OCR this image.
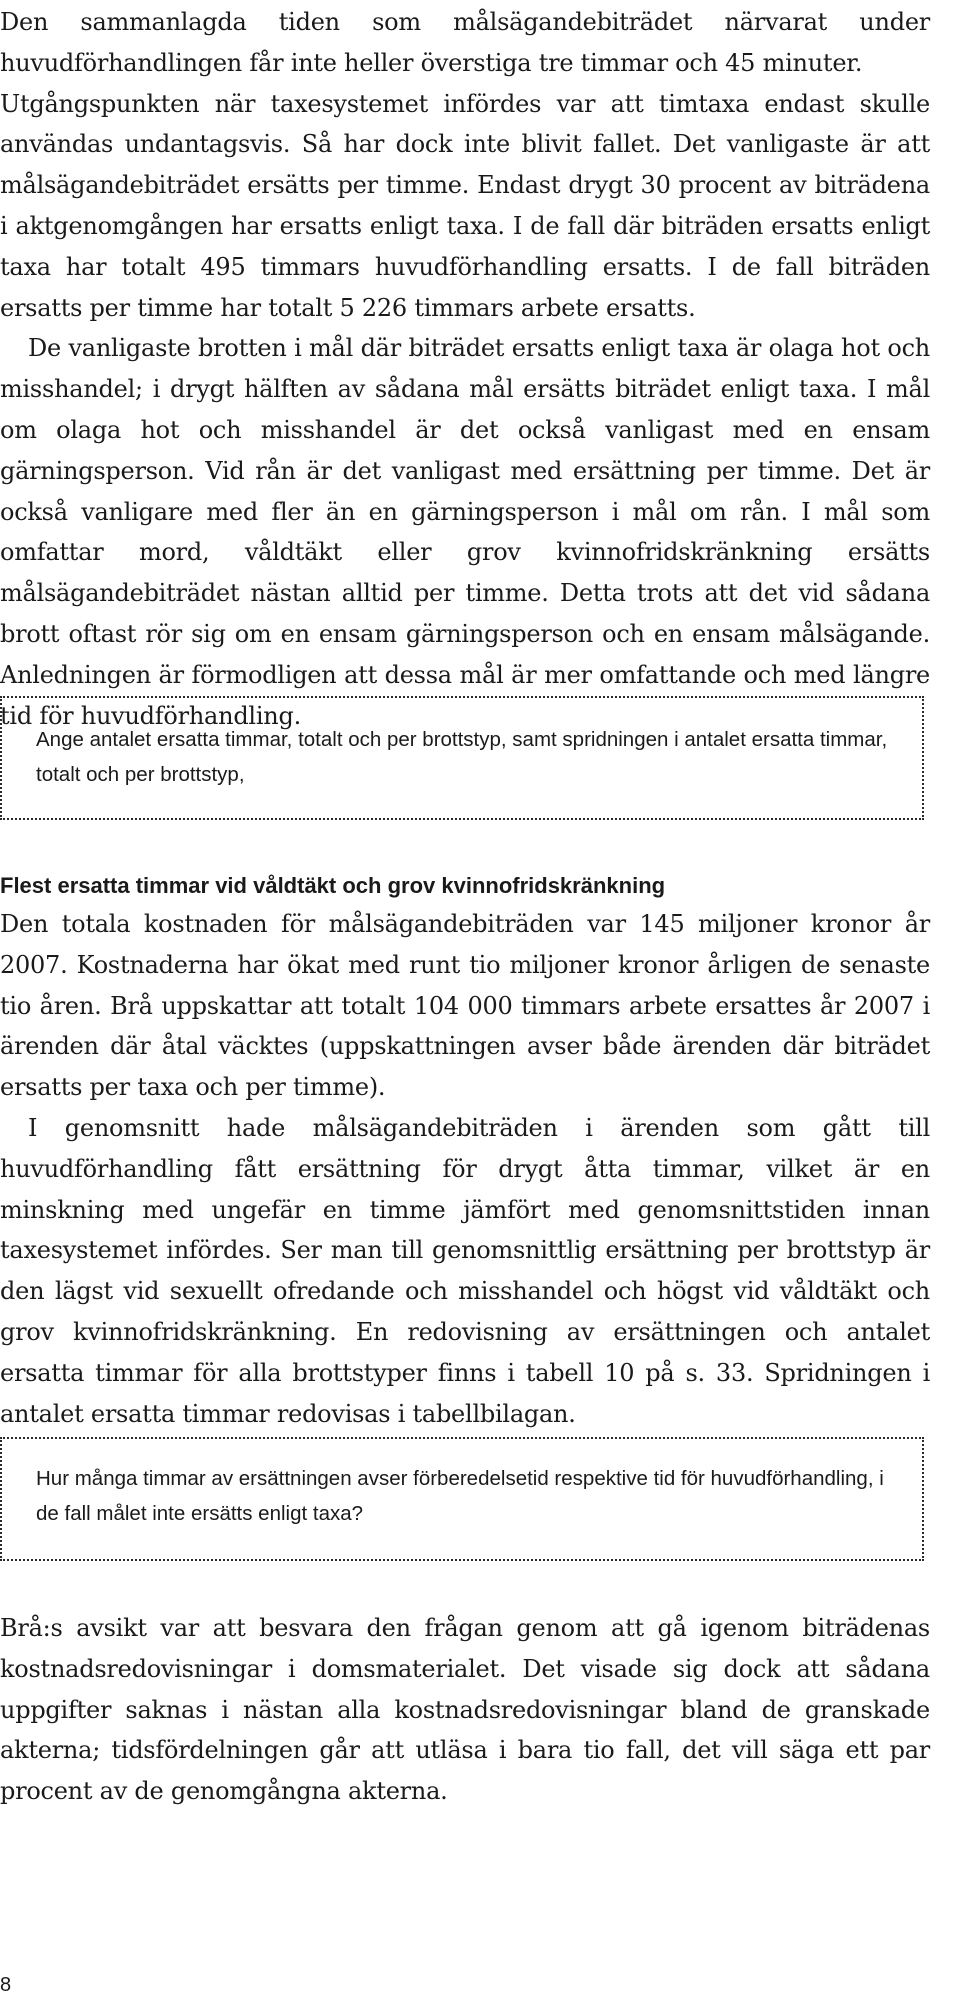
Den sammanlagda tiden som målsägandebiträdet närvarat under huvudförhandlingen får inte heller överstiga tre timmar och 45 minuter.

Utgångspunkten när taxesystemet infördes var att timtaxa endast skulle användas undantagsvis. Så har dock inte blivit fallet. Det vanligaste är att målsägandebiträdet ersätts per timme. Endast drygt 30 procent av biträdena i aktgenomgången har ersatts enligt taxa. I de fall där biträden ersatts enligt taxa har totalt 495 timmars huvudförhandling ersatts. I de fall biträden ersatts per timme har totalt 5 226 timmars arbete ersatts.

De vanligaste brotten i mål där biträdet ersatts enligt taxa är olaga hot och misshandel; i drygt hälften av sådana mål ersätts biträdet enligt taxa. I mål om olaga hot och misshandel är det också vanligast med en ensam gärningsperson. Vid rån är det vanligast med ersättning per timme. Det är också vanligare med fler än en gärningsperson i mål om rån. I mål som omfattar mord, våldtäkt eller grov kvinnofridskränkning ersätts målsägandebiträdet nästan alltid per timme. Detta trots att det vid sådana brott oftast rör sig om en ensam gärningsperson och en ensam målsägande. Anledningen är förmodligen att dessa mål är mer omfattande och med längre tid för huvudförhandling.

Ange antalet ersatta timmar, totalt och per brottstyp, samt spridningen i antalet ersatta timmar, totalt och per brottstyp,

Flest ersatta timmar vid våldtäkt och grov kvinnofridskränkning

Den totala kostnaden för målsägandebiträden var 145 miljoner kronor år 2007. Kostnaderna har ökat med runt tio miljoner kronor årligen de senaste tio åren. Brå uppskattar att totalt 104 000 timmars arbete ersattes år 2007 i ärenden där åtal väcktes (uppskattningen avser både ärenden där biträdet ersatts per taxa och per timme).

I genomsnitt hade målsägandebiträden i ärenden som gått till huvudförhandling fått ersättning för drygt åtta timmar, vilket är en minskning med ungefär en timme jämfört med genomsnittstiden innan taxesystemet infördes. Ser man till genomsnittlig ersättning per brottstyp är den lägst vid sexuellt ofredande och misshandel och högst vid våldtäkt och grov kvinnofridskränkning. En redovisning av ersättningen och antalet ersatta timmar för alla brottstyper finns i tabell 10 på s. 33. Spridningen i antalet ersatta timmar redovisas i tabellbilagan.

Hur många timmar av ersättningen avser förberedelsetid respektive tid för huvudförhandling, i de fall målet inte ersätts enligt taxa?

Brå:s avsikt var att besvara den frågan genom att gå igenom biträdenas kostnadsredovisningar i domsmaterialet. Det visade sig dock att sådana uppgifter saknas i nästan alla kostnadsredovisningar bland de granskade akterna; tidsfördelningen går att utläsa i bara tio fall, det vill säga ett par procent av de genomgångna akterna.

8
